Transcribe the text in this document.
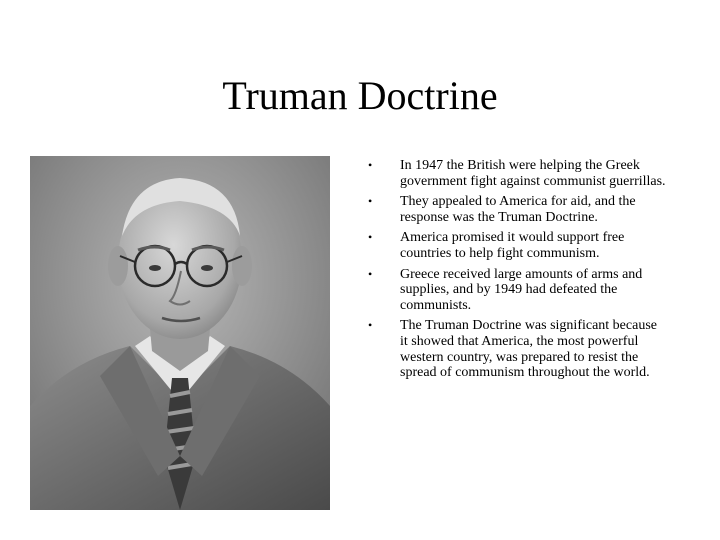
Truman Doctrine
• In 1947 the British were helping the Greek government fight against communist guerrillas.
• They appealed to America for aid, and the response was the Truman Doctrine.
• America promised it would support free countries to help fight communism.
• Greece received large amounts of arms and supplies, and by 1949 had defeated the communists.
• The Truman Doctrine was significant because it showed that America, the most powerful western country, was prepared to resist the spread of communism throughout the world.
